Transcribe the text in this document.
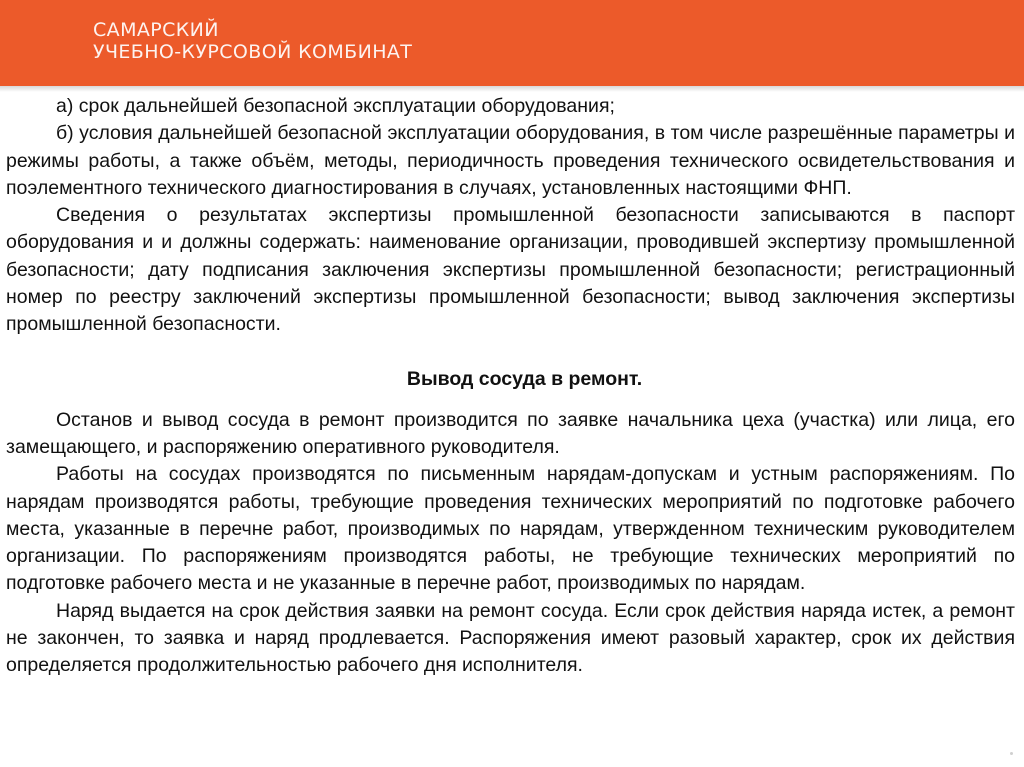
САМАРСКИЙ
УЧЕБНО-КУРСОВОЙ КОМБИНАТ

а) срок дальнейшей безопасной эксплуатации оборудования;

б) условия дальнейшей безопасной эксплуатации оборудования, в том числе разрешённые параметры и режимы работы, а также объём, методы, периодичность проведения технического освидетельствования и поэлементного технического диагностирования в случаях, установленных настоящими ФНП.

Сведения о результатах экспертизы промышленной безопасности записываются в паспорт оборудования и и должны содержать: наименование организации, проводившей экспертизу промышленной безопасности; дату подписания заключения экспертизы промышленной безопасности; регистрационный номер по реестру заключений экспертизы промышленной безопасности; вывод заключения экспертизы промышленной безопасности.

Вывод сосуда в ремонт.

Останов и вывод сосуда в ремонт производится по заявке начальника цеха (участка) или лица, его замещающего, и распоряжению оперативного руководителя.

Работы на сосудах производятся по письменным нарядам-допускам и устным распоряжениям. По нарядам производятся работы, требующие проведения технических мероприятий по подготовке рабочего места, указанные в перечне работ, производимых по нарядам, утвержденном техническим руководителем организации. По распоряжениям производятся работы, не требующие технических мероприятий по подготовке рабочего места и не указанные в перечне работ, производимых по нарядам.

Наряд выдается на срок действия заявки на ремонт сосуда. Если срок действия наряда истек, а ремонт не закончен, то заявка и наряд продлевается. Распоряжения имеют разовый характер, срок их действия определяется продолжительностью рабочего дня исполнителя.
